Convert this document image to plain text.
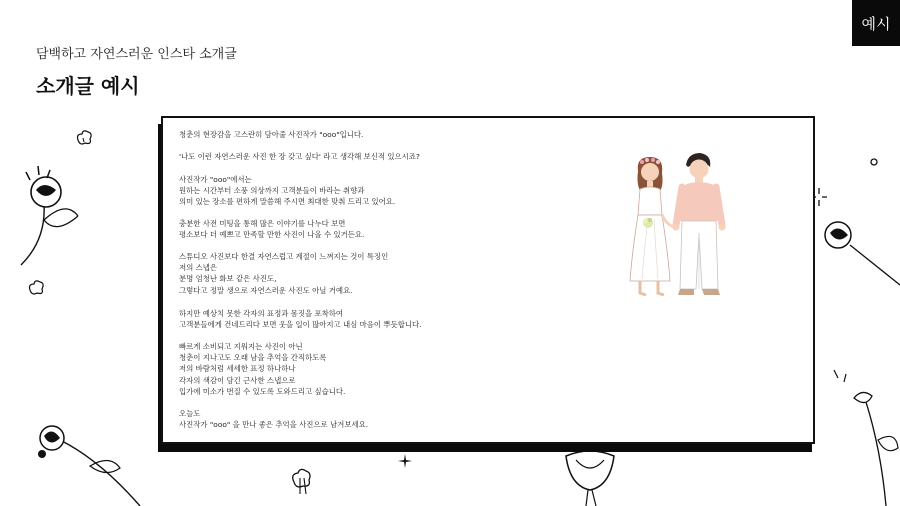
예시
담백하고 자연스러운 인스타 소개글
소개글 예시

청춘의 현장감을 고스란히 담아줄 사진작가 "ooo"입니다.

'나도 이런 자연스러운 사진 한 장 갖고 싶다' 라고 생각해 보신적 있으시죠?

사진작가 "ooo"에서는

원하는 시간부터 소풍 의상까지 고객분들이 바라는 취향과

의미 있는 장소를 편하게 말씀해 주시면 최대한 맞춰 드리고 있어요.

충분한 사전 미팅을 통해 많은 이야기를 나누다 보면

평소보다 더 예쁘고 만족할 만한 사진이 나올 수 있거든요.

스튜디오 사진보다 한결 자연스럽고 계절이 느껴지는 것이 특징인

저의 스냅은

분명 엄청난 화보 같은 사진도,

그렇다고 정말 생으로 자연스러운 사진도 아닐 거예요.

하지만 예상치 못한 각자의 표정과 몸짓을 포착하여

고객분들에게 건네드리다 보면 웃을 일이 많아지고 내심 마음이 뿌듯합니다.

빠르게 소비되고 지워지는 사진이 아닌

청춘이 지나고도 오래 남을 추억을 간직하도록

저의 바람처럼 세세한 표정 하나하나

각자의 색감이 담긴 근사한 스냅으로

입가에 미소가 번질 수 있도록 도와드리고 싶습니다.

오늘도

사진작가 "ooo" 을 만나 좋은 추억을 사진으로 남겨보세요.
